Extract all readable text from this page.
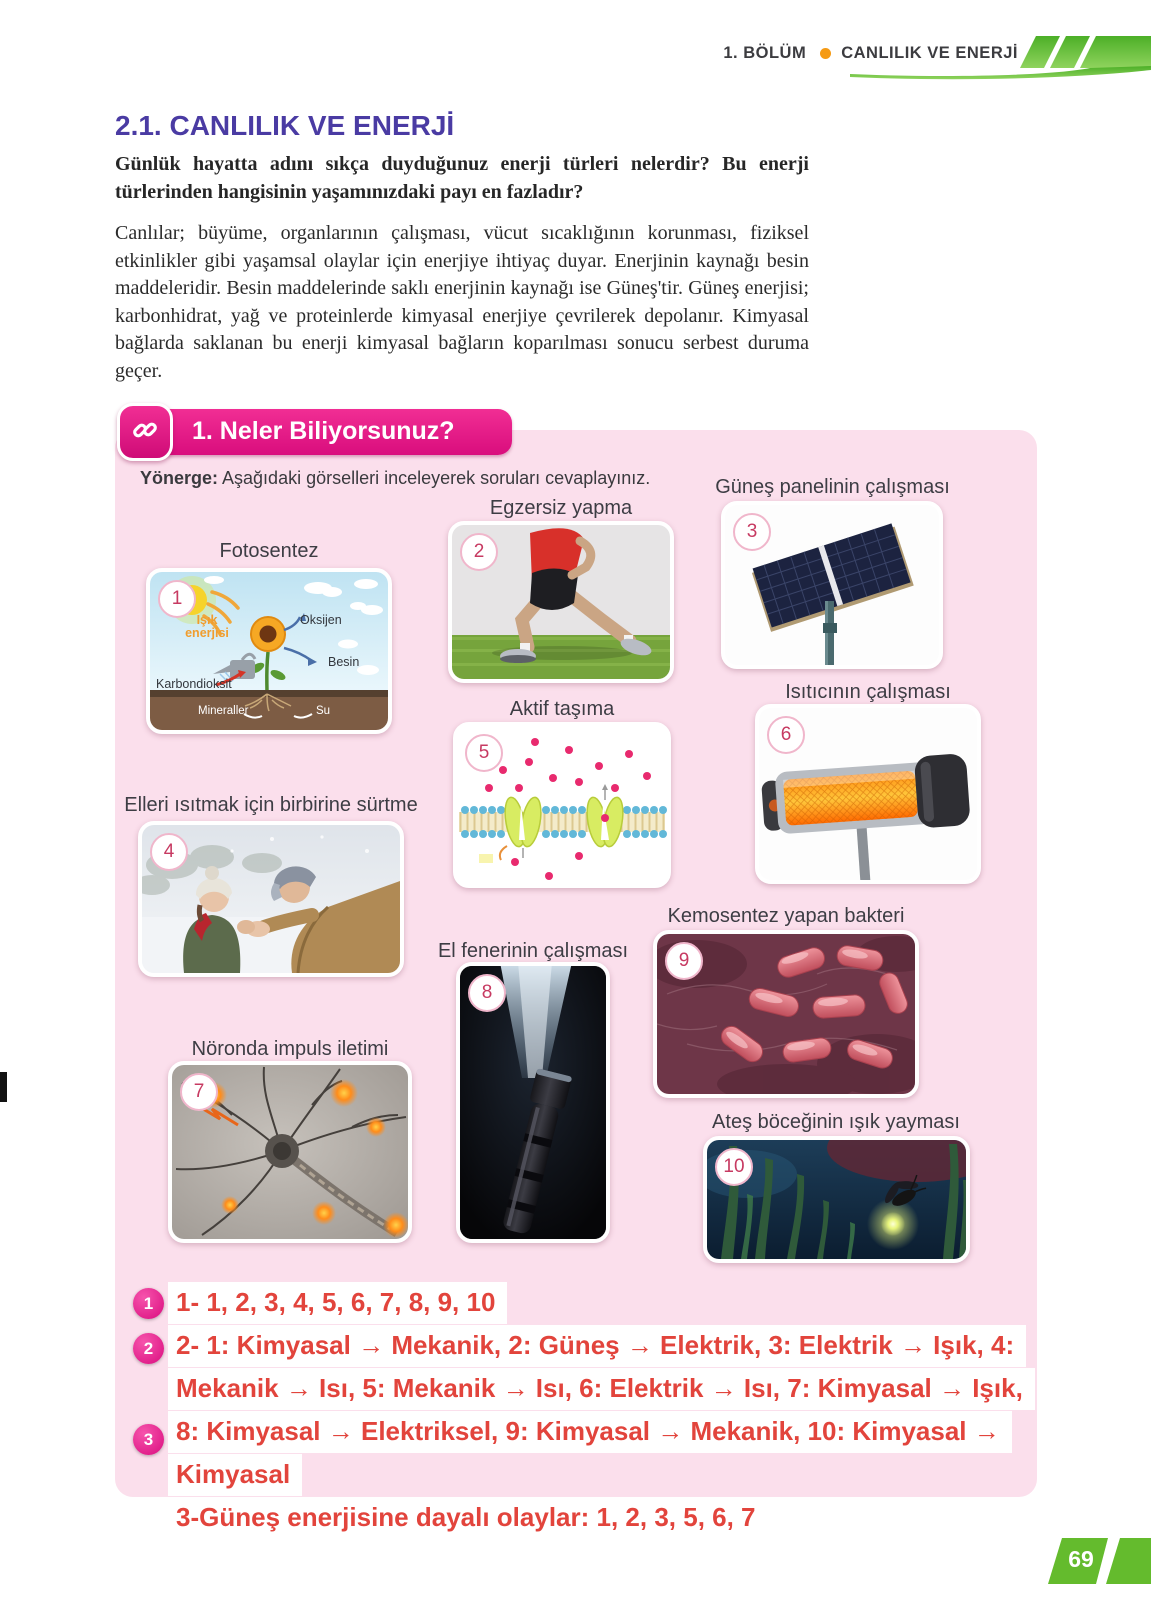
1. BÖLÜM CANLILIK VE ENERJİ
2.1. CANLILIK VE ENERJİ
Günlük hayatta adını sıkça duyduğunuz enerji türleri nelerdir? Bu enerji türlerinden hangisinin yaşamınızdaki payı en fazladır?
Canlılar; büyüme, organlarının çalışması, vücut sıcaklığının korunması, fiziksel etkinlikler gibi yaşamsal olaylar için enerjiye ihtiyaç duyar. Enerjinin kaynağı besin maddeleridir. Besin maddelerinde saklı enerjinin kaynağı ise Güneş'tir. Güneş enerjisi; karbonhidrat, yağ ve proteinlerde kimyasal enerjiye çevrilerek depolanır. Kimyasal bağlarda saklanan bu enerji kimyasal bağların koparılması sonucu serbest duruma geçer.
1. Neler Biliyorsunuz?
Yönerge: Aşağıdaki görselleri inceleyerek soruları cevaplayınız.
Fotosentez
Egzersiz yapma
Güneş panelinin çalışması
Elleri ısıtmak için birbirine sürtme
Aktif taşıma
Isıtıcının çalışması
Nöronda impuls iletimi
El fenerinin çalışması
Kemosentez yapan bakteri
Ateş böceğinin ışık yayması
1
Işık enerjisi
Oksijen
Besin
Karbondioksit
Mineraller	Su
2
3
4
5
6
7
8
9
10
1
2
3
1- 1, 2, 3, 4, 5, 6, 7, 8, 9, 10
2- 1: Kimyasal → Mekanik, 2: Güneş → Elektrik, 3: Elektrik → Işık, 4:
Mekanik → Isı, 5: Mekanik → Isı, 6: Elektrik → Isı, 7: Kimyasal → Işık,
8: Kimyasal → Elektriksel, 9: Kimyasal → Mekanik, 10: Kimyasal →
Kimyasal
3-Güneş enerjisine dayalı olaylar: 1, 2, 3, 5, 6, 7
69
